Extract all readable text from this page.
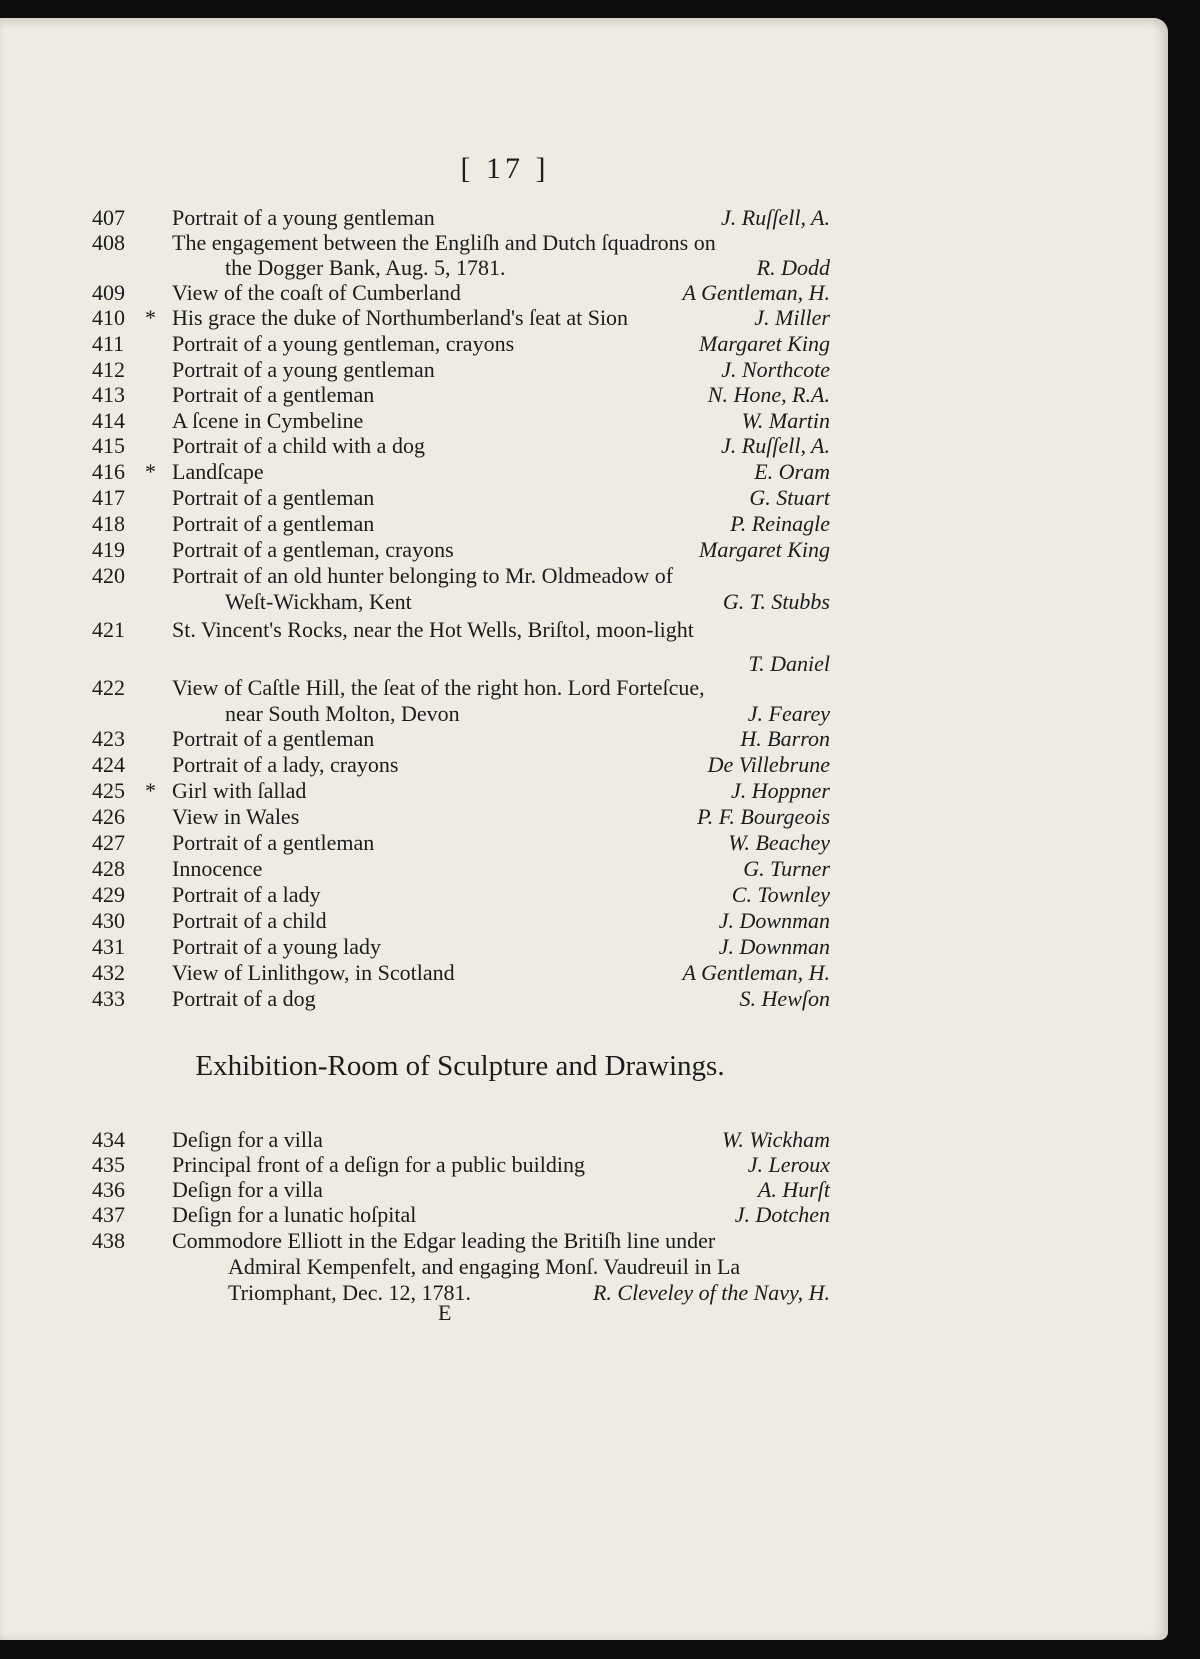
[ 17 ]
407	Portrait of a young gentleman	J. Ruſſell, A.
408	The engagement between the Engliſh and Dutch ſquadrons on
the Dogger Bank, Aug. 5, 1781.	R. Dodd
409	View of the coaſt of Cumberland	A Gentleman, H.
410 * His grace the duke of Northumberland's ſeat at Sion	J. Miller
411	Portrait of a young gentleman, crayons	Margaret King
412	Portrait of a young gentleman	J. Northcote
413	Portrait of a gentleman	N. Hone, R.A.
414	A ſcene in Cymbeline	W. Martin
415	Portrait of a child with a dog	J. Ruſſell, A.
416 * Landſcape	E. Oram
417	Portrait of a gentleman	G. Stuart
418	Portrait of a gentleman	P. Reinagle
419	Portrait of a gentleman, crayons	Margaret King
420	Portrait of an old hunter belonging to Mr. Oldmeadow of
Weſt-Wickham, Kent	G. T. Stubbs
421	St. Vincent's Rocks, near the Hot Wells, Briſtol, moon-light
T. Daniel
422	View of Caſtle Hill, the ſeat of the right hon. Lord Forteſcue,
near South Molton, Devon	J. Fearey
423	Portrait of a gentleman	H. Barron
424	Portrait of a lady, crayons	De Villebrune
425 * Girl with ſallad	J. Hoppner
426	View in Wales	P. F. Bourgeois
427	Portrait of a gentleman	W. Beachey
428	Innocence	G. Turner
429	Portrait of a lady	C. Townley
430	Portrait of a child	J. Downman
431	Portrait of a young lady	J. Downman
432	View of Linlithgow, in Scotland	A Gentleman, H.
433	Portrait of a dog	S. Hewſon
Exhibition-Room of Sculpture and Drawings.
434	Deſign for a villa	W. Wickham
435	Principal front of a deſign for a public building	J. Leroux
436	Deſign for a villa	A. Hurſt
437	Deſign for a lunatic hoſpital	J. Dotchen
438	Commodore Elliott in the Edgar leading the Britiſh line under
Admiral Kempenfelt, and engaging Monſ. Vaudreuil in La
Triomphant, Dec. 12, 1781.	R. Cleveley of the Navy, H.
E
